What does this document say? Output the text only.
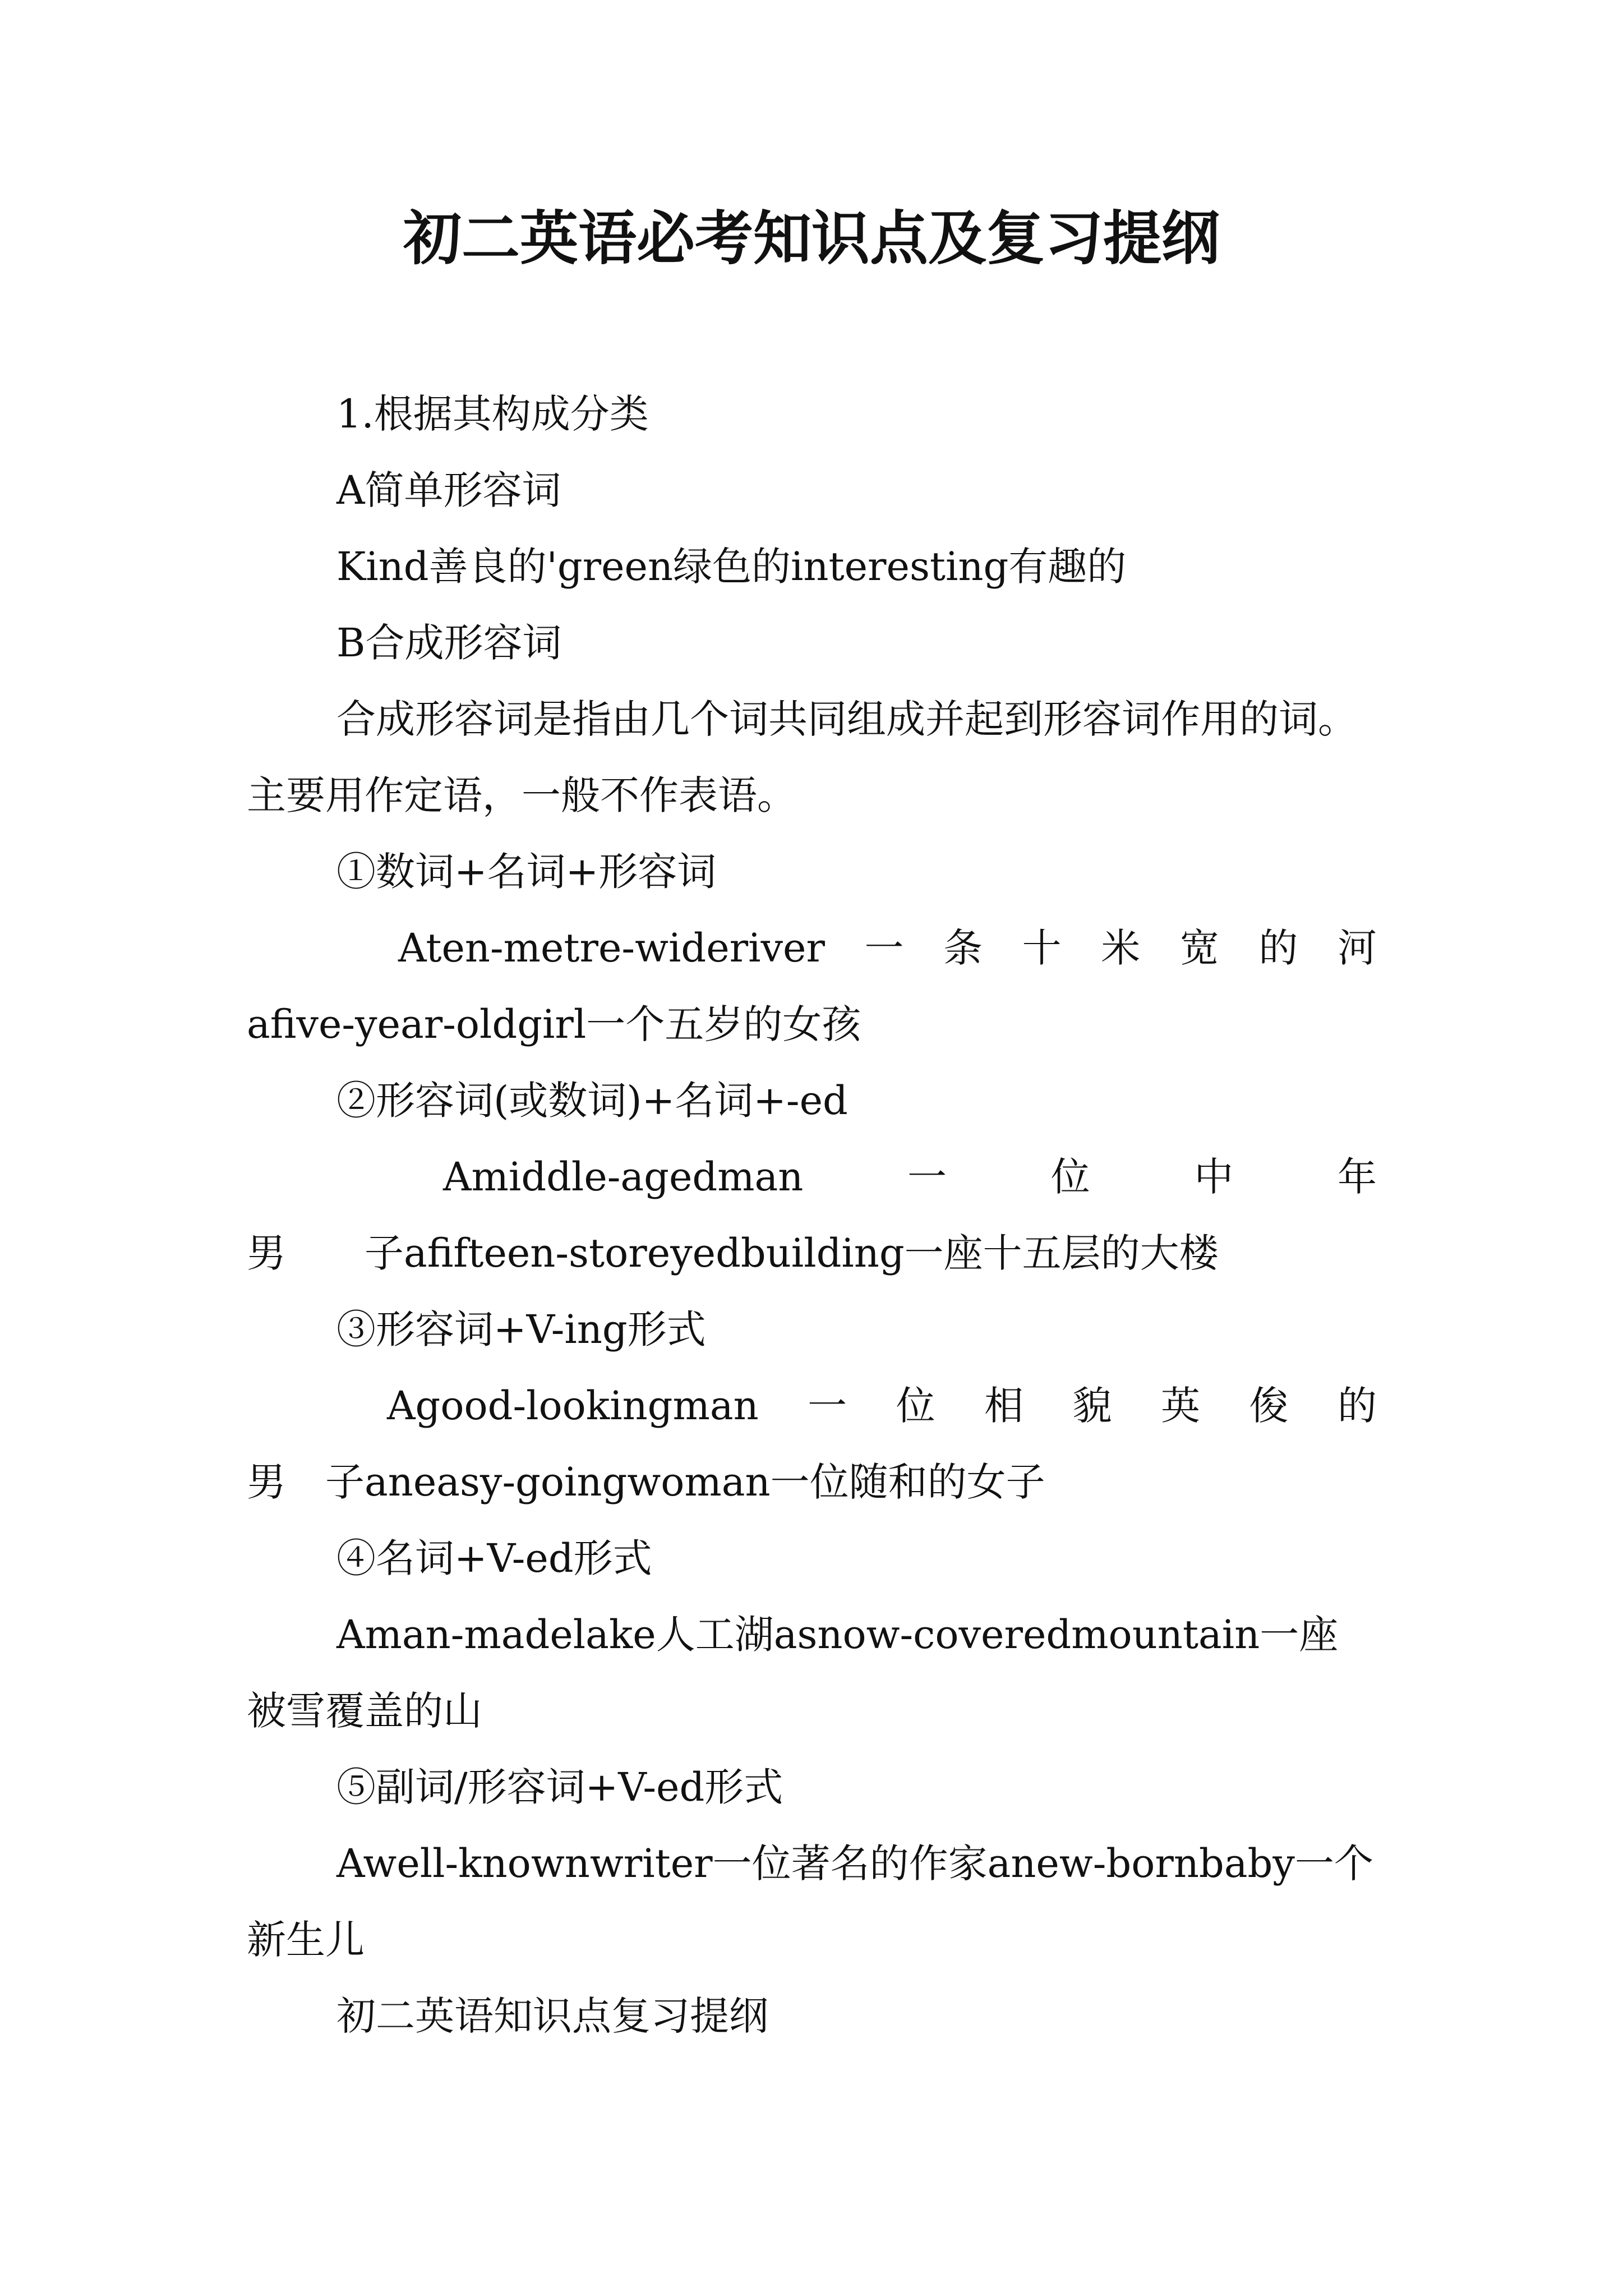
初二英语必考知识点及复习提纲

1.根据其构成分类

A简单形容词

Kind善良的'green绿色的interesting有趣的

B合成形容词

合成形容词是指由几个词共同组成并起到形容词作用的词。主要用作定语，一般不作表语。

①数词+名词+形容词

Aten-metre-wideriver　一　条　十　米　宽　的　河afive-year-oldgirl一个五岁的女孩

②形容词(或数词)+名词+-ed

Amiddle-agedman　　一　　位　　中　　年　　男　　子afifteen-storeyedbuilding一座十五层的大楼

③形容词+V-ing形式

Agood-lookingman　一　位　相　貌　英　俊　的　男　子aneasy-goingwoman一位随和的女子

④名词+V-ed形式

Aman-madelake人工湖asnow-coveredmountain一座被雪覆盖的山

⑤副词/形容词+V-ed形式

Awell-knownwriter一位著名的作家anew-bornbaby一个新生儿

初二英语知识点复习提纲
